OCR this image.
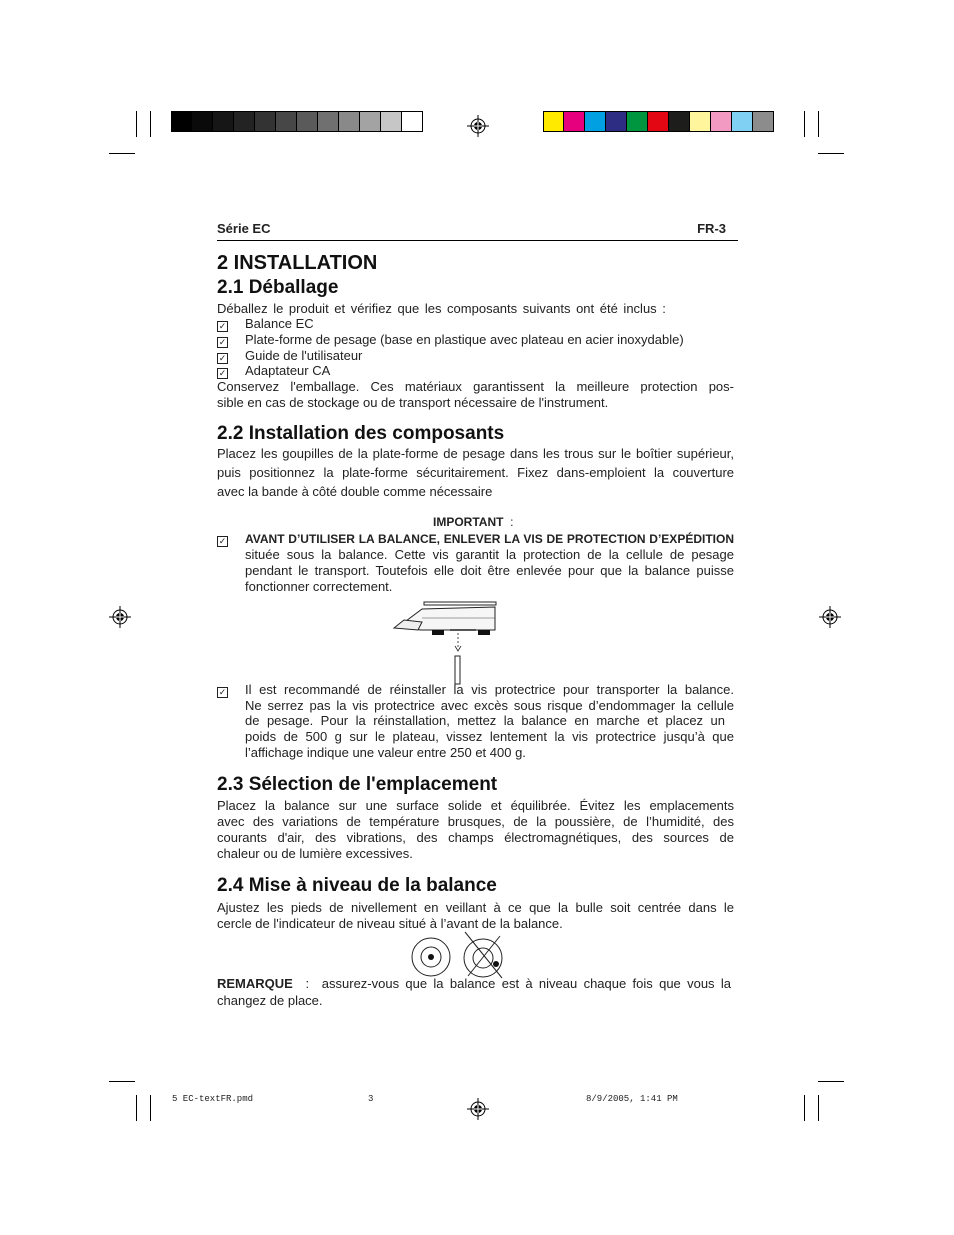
Série EC	FR-3
2 INSTALLATION
2.1 Déballage
Déballez le produit et vérifiez que les composants suivants ont été inclus :
✓ Balance EC
✓ Plate-forme de pesage (base en plastique avec plateau en acier inoxydable)
✓ Guide de l'utilisateur
✓ Adaptateur CA
Conservez l'emballage. Ces matériaux garantissent la meilleure protection pos-
sible en cas de stockage ou de transport nécessaire de l'instrument.
2.2 Installation des composants
Placez les goupilles de la plate-forme de pesage dans les trous sur le boîtier supérieur,
puis positionnez la plate-forme sécuritairement. Fixez dans-emploient la couverture
avec la bande à côté double comme nécessaire
IMPORTANT :
✓ AVANT D’UTILISER LA BALANCE, ENLEVER LA VIS DE PROTECTION D’EXPÉDITION
située sous la balance. Cette vis garantit la protection de la cellule de pesage
pendant le transport. Toutefois elle doit être enlevée pour que la balance puisse
fonctionner correctement.
✓ Il est recommandé de réinstaller la vis protectrice pour transporter la balance.
Ne serrez pas la vis protectrice avec excès sous risque d’endommager la cellule
de pesage. Pour la réinstallation, mettez la balance en marche et placez un
poids de 500 g sur le plateau, vissez lentement la vis protectrice jusqu’à que
l’affichage indique une valeur entre 250 et 400 g.
2.3 Sélection de l'emplacement
Placez la balance sur une surface solide et équilibrée. Évitez les emplacements
avec des variations de température brusques, de la poussière, de l’humidité, des
courants d'air, des vibrations, des champs électromagnétiques, des sources de
chaleur ou de lumière excessives.
2.4 Mise à niveau de la balance
Ajustez les pieds de nivellement en veillant à ce que la bulle soit centrée dans le
cercle de l'indicateur de niveau situé à l’avant de la balance.
REMARQUE : assurez-vous que la balance est à niveau chaque fois que vous la
changez de place.
5 EC-textFR.pmd	3	8/9/2005, 1:41 PM
